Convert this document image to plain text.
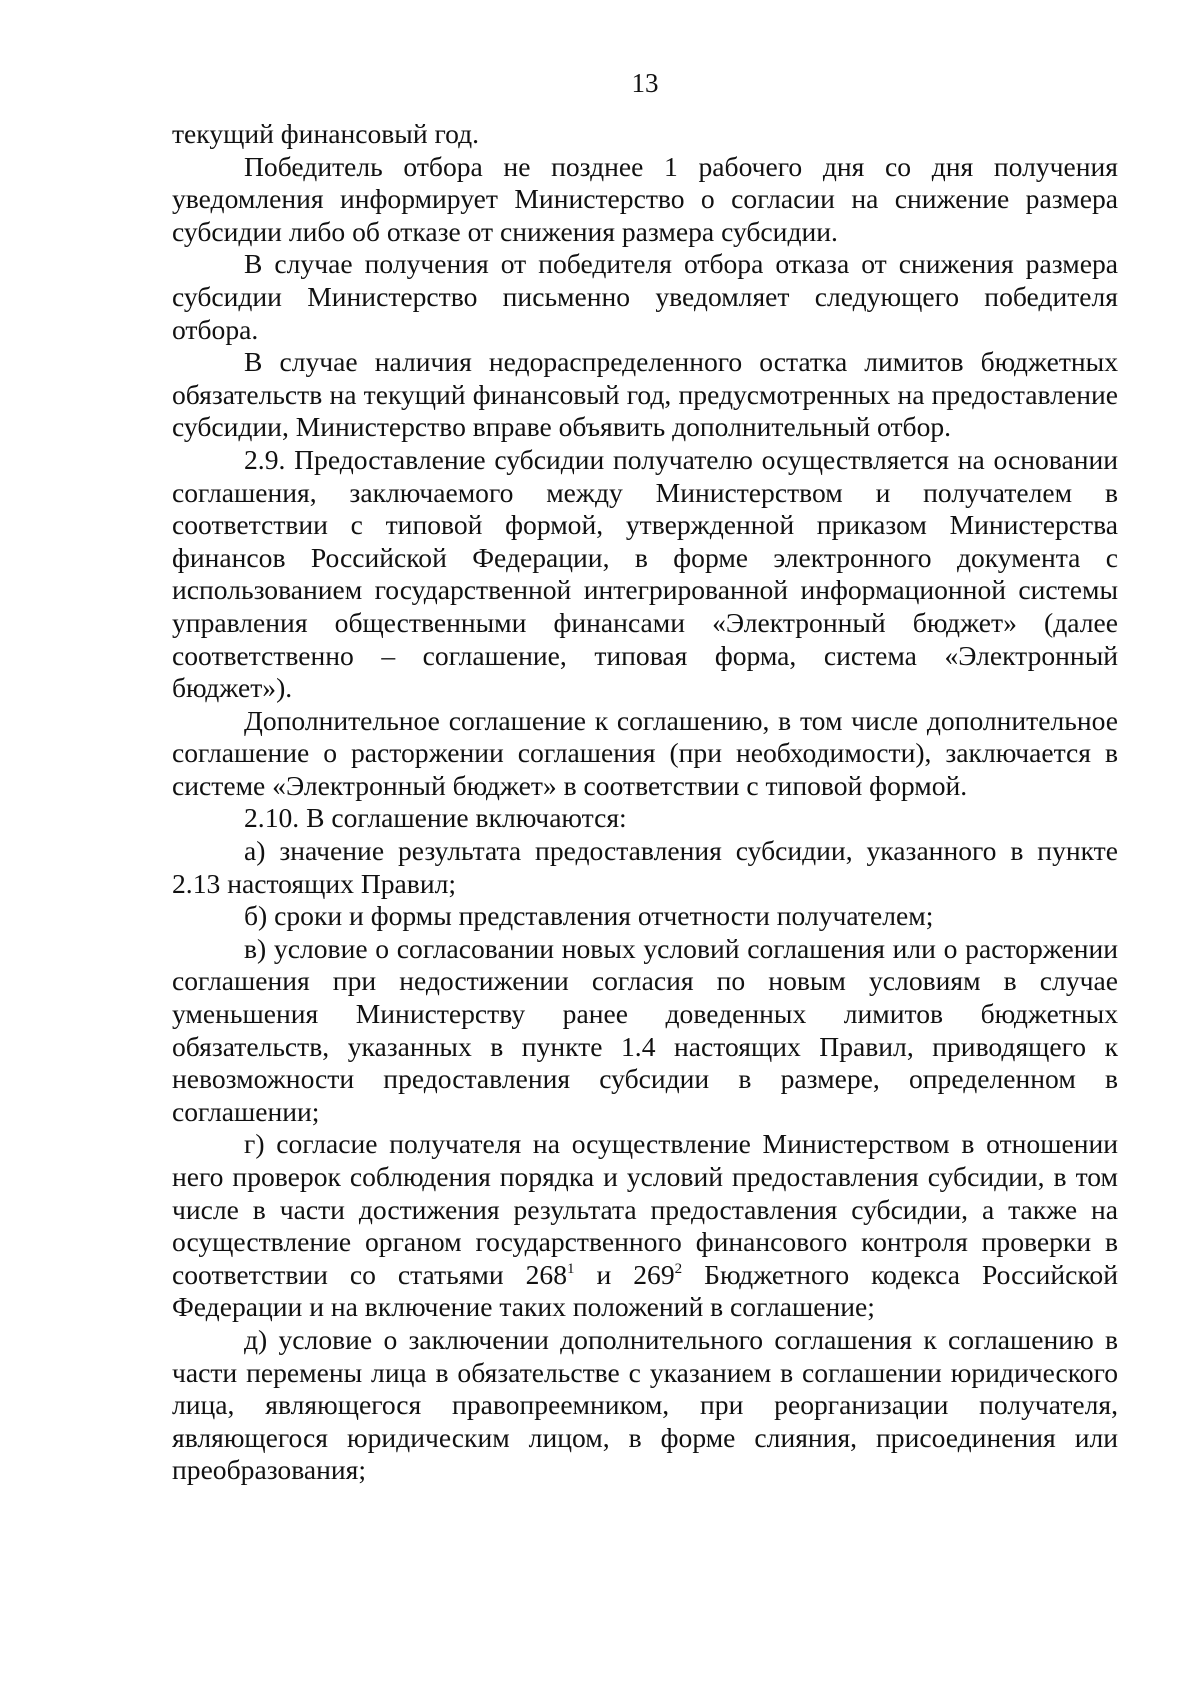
13

текущий финансовый год.

Победитель отбора не позднее 1 рабочего дня со дня получения уведомления информирует Министерство о согласии на снижение размера субсидии либо об отказе от снижения размера субсидии.

В случае получения от победителя отбора отказа от снижения размера субсидии Министерство письменно уведомляет следующего победителя отбора.

В случае наличия недораспределенного остатка лимитов бюджетных обязательств на текущий финансовый год, предусмотренных на предоставление субсидии, Министерство вправе объявить дополнительный отбор.

2.9. Предоставление субсидии получателю осуществляется на основании соглашения, заключаемого между Министерством и получателем в соответствии с типовой формой, утвержденной приказом Министерства финансов Российской Федерации, в форме электронного документа с использованием государственной интегрированной информационной системы управления общественными финансами «Электронный бюджет» (далее соответственно – соглашение, типовая форма, система «Электронный бюджет»).

Дополнительное соглашение к соглашению, в том числе дополнительное соглашение о расторжении соглашения (при необходимости), заключается в системе «Электронный бюджет» в соответствии с типовой формой.

2.10. В соглашение включаются:

а) значение результата предоставления субсидии, указанного в пункте 2.13 настоящих Правил;

б) сроки и формы представления отчетности получателем;

в) условие о согласовании новых условий соглашения или о расторжении соглашения при недостижении согласия по новым условиям в случае уменьшения Министерству ранее доведенных лимитов бюджетных обязательств, указанных в пункте 1.4 настоящих Правил, приводящего к невозможности предоставления субсидии в размере, определенном в соглашении;

г) согласие получателя на осуществление Министерством в отношении него проверок соблюдения порядка и условий предоставления субсидии, в том числе в части достижения результата предоставления субсидии, а также на осуществление органом государственного финансового контроля проверки в соответствии со статьями $268^1$ и $269^2$ Бюджетного кодекса Российской Федерации и на включение таких положений в соглашение;

д) условие о заключении дополнительного соглашения к соглашению в части перемены лица в обязательстве с указанием в соглашении юридического лица, являющегося правопреемником, при реорганизации получателя, являющегося юридическим лицом, в форме слияния, присоединения или преобразования;
